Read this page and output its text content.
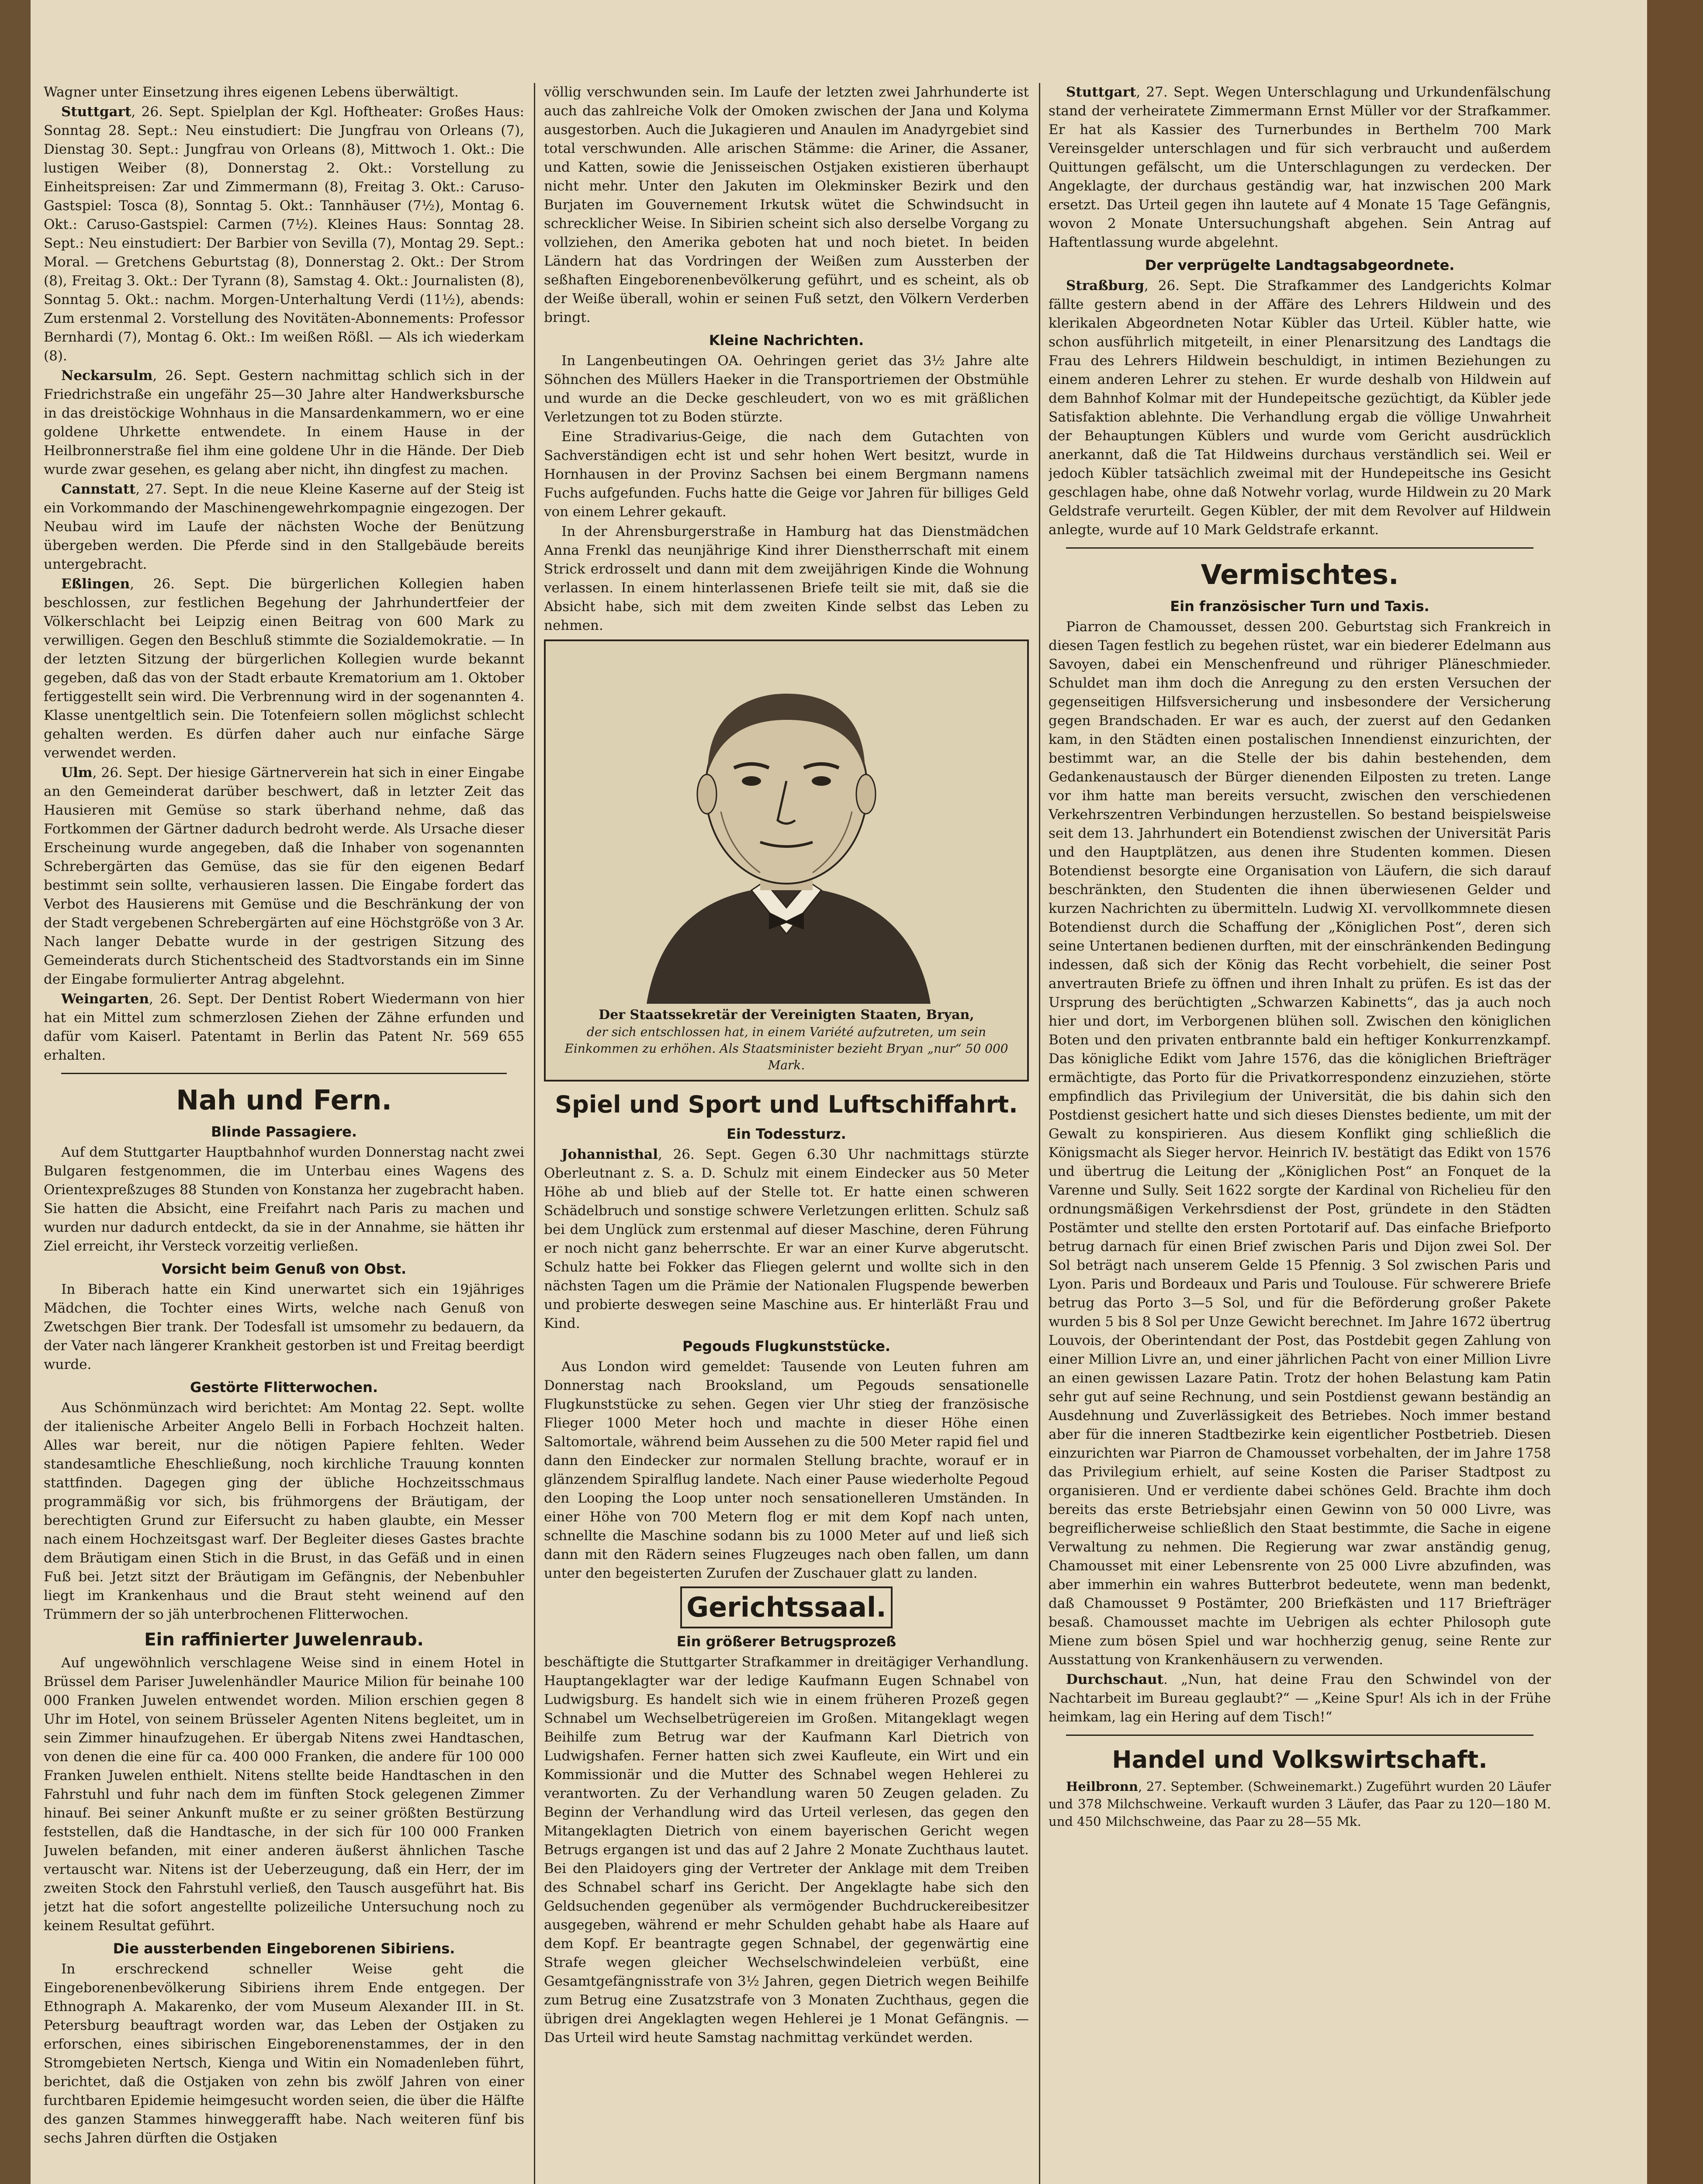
Wagner unter Einsetzung ihres eigenen Lebens überwältigt.

Stuttgart, 26. Sept. Spielplan der Kgl. Hoftheater: Großes Haus: Sonntag 28. Sept.: Neu einstudiert: Die Jungfrau von Orleans (7), Dienstag 30. Sept.: Jungfrau von Orleans (8), Mittwoch 1. Okt.: Die lustigen Weiber (8), Donnerstag 2. Okt.: Vorstellung zu Einheitspreisen: Zar und Zimmermann (8), Freitag 3. Okt.: Caruso-Gastspiel: Tosca (8), Sonntag 5. Okt.: Tannhäuser (7½), Montag 6. Okt.: Caruso-Gastspiel: Carmen (7½). Kleines Haus: Sonntag 28. Sept.: Neu einstudiert: Der Barbier von Sevilla (7), Montag 29. Sept.: Moral. — Gretchens Geburtstag (8), Donnerstag 2. Okt.: Der Strom (8), Freitag 3. Okt.: Der Tyrann (8), Samstag 4. Okt.: Journalisten (8), Sonntag 5. Okt.: nachm. Morgen-Unterhaltung Verdi (11½), abends: Zum erstenmal 2. Vorstellung des Novitäten-Abonnements: Professor Bernhardi (7), Montag 6. Okt.: Im weißen Rößl. — Als ich wiederkam (8).

Neckarsulm, 26. Sept. Gestern nachmittag schlich sich in der Friedrichstraße ein ungefähr 25—30 Jahre alter Handwerksbursche in das dreistöckige Wohnhaus in die Mansardenkammern, wo er eine goldene Uhrkette entwendete. In einem Hause in der Heilbronnerstraße fiel ihm eine goldene Uhr in die Hände. Der Dieb wurde zwar gesehen, es gelang aber nicht, ihn dingfest zu machen.

Cannstatt, 27. Sept. In die neue Kleine Kaserne auf der Steig ist ein Vorkommando der Maschinengewehrkompagnie eingezogen. Der Neubau wird im Laufe der nächsten Woche der Benützung übergeben werden. Die Pferde sind in den Stallgebäude bereits untergebracht.

Eßlingen, 26. Sept. Die bürgerlichen Kollegien haben beschlossen, zur festlichen Begehung der Jahrhundertfeier der Völkerschlacht bei Leipzig einen Beitrag von 600 Mark zu verwilligen. Gegen den Beschluß stimmte die Sozialdemokratie. — In der letzten Sitzung der bürgerlichen Kollegien wurde bekannt gegeben, daß das von der Stadt erbaute Krematorium am 1. Oktober fertiggestellt sein wird. Die Verbrennung wird in der sogenannten 4. Klasse unentgeltlich sein. Die Totenfeiern sollen möglichst schlecht gehalten werden. Es dürfen daher auch nur einfache Särge verwendet werden.

Ulm, 26. Sept. Der hiesige Gärtnerverein hat sich in einer Eingabe an den Gemeinderat darüber beschwert, daß in letzter Zeit das Hausieren mit Gemüse so stark überhand nehme, daß das Fortkommen der Gärtner dadurch bedroht werde. Als Ursache dieser Erscheinung wurde angegeben, daß die Inhaber von sogenannten Schrebergärten das Gemüse, das sie für den eigenen Bedarf bestimmt sein sollte, verhausieren lassen. Die Eingabe fordert das Verbot des Hausierens mit Gemüse und die Beschränkung der von der Stadt vergebenen Schrebergärten auf eine Höchstgröße von 3 Ar. Nach langer Debatte wurde in der gestrigen Sitzung des Gemeinderats durch Stichentscheid des Stadtvorstands ein im Sinne der Eingabe formulierter Antrag abgelehnt.

Weingarten, 26. Sept. Der Dentist Robert Wiedermann von hier hat ein Mittel zum schmerzlosen Ziehen der Zähne erfunden und dafür vom Kaiserl. Patentamt in Berlin das Patent Nr. 569 655 erhalten.

Nah und Fern.
Blinde Passagiere.

Auf dem Stuttgarter Hauptbahnhof wurden Donnerstag nacht zwei Bulgaren festgenommen, die im Unterbau eines Wagens des Orientexpreßzuges 88 Stunden von Konstanza her zugebracht haben. Sie hatten die Absicht, eine Freifahrt nach Paris zu machen und wurden nur dadurch entdeckt, da sie in der Annahme, sie hätten ihr Ziel erreicht, ihr Versteck vorzeitig verließen.

Vorsicht beim Genuß von Obst.

In Biberach hatte ein Kind unerwartet sich ein 19jähriges Mädchen, die Tochter eines Wirts, welche nach Genuß von Zwetschgen Bier trank. Der Todesfall ist umsomehr zu bedauern, da der Vater nach längerer Krankheit gestorben ist und Freitag beerdigt wurde.

Gestörte Flitterwochen.

Aus Schönmünzach wird berichtet: Am Montag 22. Sept. wollte der italienische Arbeiter Angelo Belli in Forbach Hochzeit halten. Alles war bereit, nur die nötigen Papiere fehlten. Weder standesamtliche Eheschließung, noch kirchliche Trauung konnten stattfinden. Dagegen ging der übliche Hochzeitsschmaus programmäßig vor sich, bis frühmorgens der Bräutigam, der berechtigten Grund zur Eifersucht zu haben glaubte, ein Messer nach einem Hochzeitsgast warf. Der Begleiter dieses Gastes brachte dem Bräutigam einen Stich in die Brust, in das Gefäß und in einen Fuß bei. Jetzt sitzt der Bräutigam im Gefängnis, der Nebenbuhler liegt im Krankenhaus und die Braut steht weinend auf den Trümmern der so jäh unterbrochenen Flitterwochen.

Ein raffinierter Juwelenraub.

Auf ungewöhnlich verschlagene Weise sind in einem Hotel in Brüssel dem Pariser Juwelenhändler Maurice Milion für beinahe 100 000 Franken Juwelen entwendet worden. Milion erschien gegen 8 Uhr im Hotel, von seinem Brüsseler Agenten Nitens begleitet, um in sein Zimmer hinaufzugehen. Er übergab Nitens zwei Handtaschen, von denen die eine für ca. 400 000 Franken, die andere für 100 000 Franken Juwelen enthielt. Nitens stellte beide Handtaschen in den Fahrstuhl und fuhr nach dem im fünften Stock gelegenen Zimmer hinauf. Bei seiner Ankunft mußte er zu seiner größten Bestürzung feststellen, daß die Handtasche, in der sich für 100 000 Franken Juwelen befanden, mit einer anderen äußerst ähnlichen Tasche vertauscht war. Nitens ist der Ueberzeugung, daß ein Herr, der im zweiten Stock den Fahrstuhl verließ, den Tausch ausgeführt hat. Bis jetzt hat die sofort angestellte polizeiliche Untersuchung noch zu keinem Resultat geführt.

Die aussterbenden Eingeborenen Sibiriens.

In erschreckend schneller Weise geht die Eingeborenenbevölkerung Sibiriens ihrem Ende entgegen. Der Ethnograph A. Makarenko, der vom Museum Alexander III. in St. Petersburg beauftragt worden war, das Leben der Ostjaken zu erforschen, eines sibirischen Eingeborenenstammes, der in den Stromgebieten Nertsch, Kienga und Witin ein Nomadenleben führt, berichtet, daß die Ostjaken von zehn bis zwölf Jahren von einer furchtbaren Epidemie heimgesucht worden seien, die über die Hälfte des ganzen Stammes hinweggerafft habe. Nach weiteren fünf bis sechs Jahren dürften die Ostjaken

völlig verschwunden sein. Im Laufe der letzten zwei Jahrhunderte ist auch das zahlreiche Volk der Omoken zwischen der Jana und Kolyma ausgestorben. Auch die Jukagieren und Anaulen im Anadyrgebiet sind total verschwunden. Alle arischen Stämme: die Ariner, die Assaner, und Katten, sowie die Jenisseischen Ostjaken existieren überhaupt nicht mehr. Unter den Jakuten im Olekminsker Bezirk und den Burjaten im Gouvernement Irkutsk wütet die Schwindsucht in schrecklicher Weise. In Sibirien scheint sich also derselbe Vorgang zu vollziehen, den Amerika geboten hat und noch bietet. In beiden Ländern hat das Vordringen der Weißen zum Aussterben der seßhaften Eingeborenenbevölkerung geführt, und es scheint, als ob der Weiße überall, wohin er seinen Fuß setzt, den Völkern Verderben bringt.

Kleine Nachrichten.

In Langenbeutingen OA. Oehringen geriet das 3½ Jahre alte Söhnchen des Müllers Haeker in die Transportriemen der Obstmühle und wurde an die Decke geschleudert, von wo es mit gräßlichen Verletzungen tot zu Boden stürzte.

Eine Stradivarius-Geige, die nach dem Gutachten von Sachverständigen echt ist und sehr hohen Wert besitzt, wurde in Hornhausen in der Provinz Sachsen bei einem Bergmann namens Fuchs aufgefunden. Fuchs hatte die Geige vor Jahren für billiges Geld von einem Lehrer gekauft.

In der Ahrensburgerstraße in Hamburg hat das Dienstmädchen Anna Frenkl das neunjährige Kind ihrer Dienstherrschaft mit einem Strick erdrosselt und dann mit dem zweijährigen Kinde die Wohnung verlassen. In einem hinterlassenen Briefe teilt sie mit, daß sie die Absicht habe, sich mit dem zweiten Kinde selbst das Leben zu nehmen.

Der Staatssekretär der Vereinigten Staaten, Bryan,
der sich entschlossen hat, in einem Variété aufzutreten, um sein Einkommen zu erhöhen. Als Staatsminister bezieht Bryan „nur“ 50 000 Mark.
Spiel und Sport und Luftschiffahrt.
Ein Todessturz.

Johannisthal, 26. Sept. Gegen 6.30 Uhr nachmittags stürzte Oberleutnant z. S. a. D. Schulz mit einem Eindecker aus 50 Meter Höhe ab und blieb auf der Stelle tot. Er hatte einen schweren Schädelbruch und sonstige schwere Verletzungen erlitten. Schulz saß bei dem Unglück zum erstenmal auf dieser Maschine, deren Führung er noch nicht ganz beherrschte. Er war an einer Kurve abgerutscht. Schulz hatte bei Fokker das Fliegen gelernt und wollte sich in den nächsten Tagen um die Prämie der Nationalen Flugspende bewerben und probierte deswegen seine Maschine aus. Er hinterläßt Frau und Kind.

Pegouds Flugkunststücke.

Aus London wird gemeldet: Tausende von Leuten fuhren am Donnerstag nach Brooksland, um Pegouds sensationelle Flugkunststücke zu sehen. Gegen vier Uhr stieg der französische Flieger 1000 Meter hoch und machte in dieser Höhe einen Saltomortale, während beim Aussehen zu die 500 Meter rapid fiel und dann den Eindecker zur normalen Stellung brachte, worauf er in glänzendem Spiralflug landete. Nach einer Pause wiederholte Pegoud den Looping the Loop unter noch sensationelleren Umständen. In einer Höhe von 700 Metern flog er mit dem Kopf nach unten, schnellte die Maschine sodann bis zu 1000 Meter auf und ließ sich dann mit den Rädern seines Flugzeuges nach oben fallen, um dann unter den begeisterten Zurufen der Zuschauer glatt zu landen.

Gerichtssaal.
Ein größerer Betrugsprozeß

beschäftigte die Stuttgarter Strafkammer in dreitägiger Verhandlung. Hauptangeklagter war der ledige Kaufmann Eugen Schnabel von Ludwigsburg. Es handelt sich wie in einem früheren Prozeß gegen Schnabel um Wechselbetrügereien im Großen. Mitangeklagt wegen Beihilfe zum Betrug war der Kaufmann Karl Dietrich von Ludwigshafen. Ferner hatten sich zwei Kaufleute, ein Wirt und ein Kommissionär und die Mutter des Schnabel wegen Hehlerei zu verantworten. Zu der Verhandlung waren 50 Zeugen geladen. Zu Beginn der Verhandlung wird das Urteil verlesen, das gegen den Mitangeklagten Dietrich von einem bayerischen Gericht wegen Betrugs ergangen ist und das auf 2 Jahre 2 Monate Zuchthaus lautet. Bei den Plaidoyers ging der Vertreter der Anklage mit dem Treiben des Schnabel scharf ins Gericht. Der Angeklagte habe sich den Geldsuchenden gegenüber als vermögender Buchdruckereibesitzer ausgegeben, während er mehr Schulden gehabt habe als Haare auf dem Kopf. Er beantragte gegen Schnabel, der gegenwärtig eine Strafe wegen gleicher Wechselschwindeleien verbüßt, eine Gesamtgefängnisstrafe von 3½ Jahren, gegen Dietrich wegen Beihilfe zum Betrug eine Zusatzstrafe von 3 Monaten Zuchthaus, gegen die übrigen drei Angeklagten wegen Hehlerei je 1 Monat Gefängnis. — Das Urteil wird heute Samstag nachmittag verkündet werden.

Stuttgart, 27. Sept. Wegen Unterschlagung und Urkundenfälschung stand der verheiratete Zimmermann Ernst Müller vor der Strafkammer. Er hat als Kassier des Turnerbundes in Berthelm 700 Mark Vereinsgelder unterschlagen und für sich verbraucht und außerdem Quittungen gefälscht, um die Unterschlagungen zu verdecken. Der Angeklagte, der durchaus geständig war, hat inzwischen 200 Mark ersetzt. Das Urteil gegen ihn lautete auf 4 Monate 15 Tage Gefängnis, wovon 2 Monate Untersuchungshaft abgehen. Sein Antrag auf Haftentlassung wurde abgelehnt.

Der verprügelte Landtagsabgeordnete.

Straßburg, 26. Sept. Die Strafkammer des Landgerichts Kolmar fällte gestern abend in der Affäre des Lehrers Hildwein und des klerikalen Abgeordneten Notar Kübler das Urteil. Kübler hatte, wie schon ausführlich mitgeteilt, in einer Plenarsitzung des Landtags die Frau des Lehrers Hildwein beschuldigt, in intimen Beziehungen zu einem anderen Lehrer zu stehen. Er wurde deshalb von Hildwein auf dem Bahnhof Kolmar mit der Hundepeitsche gezüchtigt, da Kübler jede Satisfaktion ablehnte. Die Verhandlung ergab die völlige Unwahrheit der Behauptungen Küblers und wurde vom Gericht ausdrücklich anerkannt, daß die Tat Hildweins durchaus verständlich sei. Weil er jedoch Kübler tatsächlich zweimal mit der Hundepeitsche ins Gesicht geschlagen habe, ohne daß Notwehr vorlag, wurde Hildwein zu 20 Mark Geldstrafe verurteilt. Gegen Kübler, der mit dem Revolver auf Hildwein anlegte, wurde auf 10 Mark Geldstrafe erkannt.

Vermischtes.
Ein französischer Turn und Taxis.

Piarron de Chamousset, dessen 200. Geburtstag sich Frankreich in diesen Tagen festlich zu begehen rüstet, war ein biederer Edelmann aus Savoyen, dabei ein Menschenfreund und rühriger Pläneschmieder. Schuldet man ihm doch die Anregung zu den ersten Versuchen der gegenseitigen Hilfsversicherung und insbesondere der Versicherung gegen Brandschaden. Er war es auch, der zuerst auf den Gedanken kam, in den Städten einen postalischen Innendienst einzurichten, der bestimmt war, an die Stelle der bis dahin bestehenden, dem Gedankenaustausch der Bürger dienenden Eilposten zu treten. Lange vor ihm hatte man bereits versucht, zwischen den verschiedenen Verkehrszentren Verbindungen herzustellen. So bestand beispielsweise seit dem 13. Jahrhundert ein Botendienst zwischen der Universität Paris und den Hauptplätzen, aus denen ihre Studenten kommen. Diesen Botendienst besorgte eine Organisation von Läufern, die sich darauf beschränkten, den Studenten die ihnen überwiesenen Gelder und kurzen Nachrichten zu übermitteln. Ludwig XI. vervollkommnete diesen Botendienst durch die Schaffung der „Königlichen Post“, deren sich seine Untertanen bedienen durften, mit der einschränkenden Bedingung indessen, daß sich der König das Recht vorbehielt, die seiner Post anvertrauten Briefe zu öffnen und ihren Inhalt zu prüfen. Es ist das der Ursprung des berüchtigten „Schwarzen Kabinetts“, das ja auch noch hier und dort, im Verborgenen blühen soll. Zwischen den königlichen Boten und den privaten entbrannte bald ein heftiger Konkurrenzkampf. Das königliche Edikt vom Jahre 1576, das die königlichen Briefträger ermächtigte, das Porto für die Privatkorrespondenz einzuziehen, störte empfindlich das Privilegium der Universität, die bis dahin sich den Postdienst gesichert hatte und sich dieses Dienstes bediente, um mit der Gewalt zu konspirieren. Aus diesem Konflikt ging schließlich die Königsmacht als Sieger hervor. Heinrich IV. bestätigt das Edikt von 1576 und übertrug die Leitung der „Königlichen Post“ an Fonquet de la Varenne und Sully. Seit 1622 sorgte der Kardinal von Richelieu für den ordnungsmäßigen Verkehrsdienst der Post, gründete in den Städten Postämter und stellte den ersten Portotarif auf. Das einfache Briefporto betrug darnach für einen Brief zwischen Paris und Dijon zwei Sol. Der Sol beträgt nach unserem Gelde 15 Pfennig. 3 Sol zwischen Paris und Lyon. Paris und Bordeaux und Paris und Toulouse. Für schwerere Briefe betrug das Porto 3—5 Sol, und für die Beförderung großer Pakete wurden 5 bis 8 Sol per Unze Gewicht berechnet. Im Jahre 1672 übertrug Louvois, der Oberintendant der Post, das Postdebit gegen Zahlung von einer Million Livre an, und einer jährlichen Pacht von einer Million Livre an einen gewissen Lazare Patin. Trotz der hohen Belastung kam Patin sehr gut auf seine Rechnung, und sein Postdienst gewann beständig an Ausdehnung und Zuverlässigkeit des Betriebes. Noch immer bestand aber für die inneren Stadtbezirke kein eigentlicher Postbetrieb. Diesen einzurichten war Piarron de Chamousset vorbehalten, der im Jahre 1758 das Privilegium erhielt, auf seine Kosten die Pariser Stadtpost zu organisieren. Und er verdiente dabei schönes Geld. Brachte ihm doch bereits das erste Betriebsjahr einen Gewinn von 50 000 Livre, was begreiflicherweise schließlich den Staat bestimmte, die Sache in eigene Verwaltung zu nehmen. Die Regierung war zwar anständig genug, Chamousset mit einer Lebensrente von 25 000 Livre abzufinden, was aber immerhin ein wahres Butterbrot bedeutete, wenn man bedenkt, daß Chamousset 9 Postämter, 200 Briefkästen und 117 Briefträger besaß. Chamousset machte im Uebrigen als echter Philosoph gute Miene zum bösen Spiel und war hochherzig genug, seine Rente zur Ausstattung von Krankenhäusern zu verwenden.

Durchschaut. „Nun, hat deine Frau den Schwindel von der Nachtarbeit im Bureau geglaubt?“ — „Keine Spur! Als ich in der Frühe heimkam, lag ein Hering auf dem Tisch!“

Handel und Volkswirtschaft.

Heilbronn, 27. September. (Schweinemarkt.) Zugeführt wurden 20 Läufer und 378 Milchschweine. Verkauft wurden 3 Läufer, das Paar zu 120—180 M. und 450 Milchschweine, das Paar zu 28—55 Mk.
